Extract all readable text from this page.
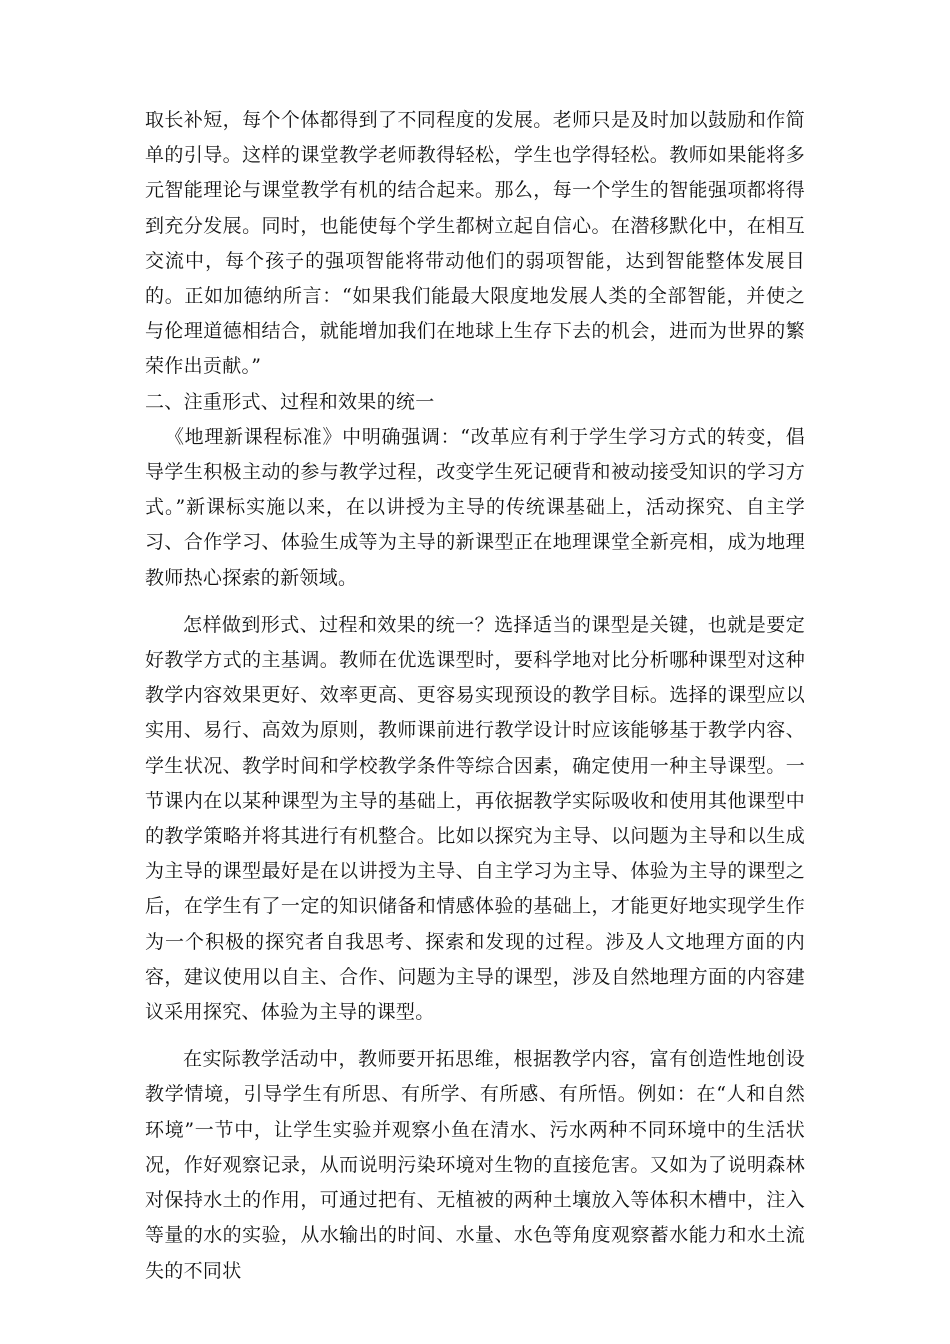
取长补短，每个个体都得到了不同程度的发展。老师只是及时加以鼓励和作简单的引导。这样的课堂教学老师教得轻松，学生也学得轻松。教师如果能将多元智能理论与课堂教学有机的结合起来。那么，每一个学生的智能强项都将得到充分发展。同时，也能使每个学生都树立起自信心。在潜移默化中，在相互交流中，每个孩子的强项智能将带动他们的弱项智能，达到智能整体发展目的。正如加德纳所言：“如果我们能最大限度地发展人类的全部智能，并使之与伦理道德相结合，就能增加我们在地球上生存下去的机会，进而为世界的繁荣作出贡献。”

二、注重形式、过程和效果的统一

《地理新课程标准》中明确强调：“改革应有利于学生学习方式的转变，倡导学生积极主动的参与教学过程，改变学生死记硬背和被动接受知识的学习方式。”新课标实施以来，在以讲授为主导的传统课基础上，活动探究、自主学习、合作学习、体验生成等为主导的新课型正在地理课堂全新亮相，成为地理教师热心探索的新领域。

怎样做到形式、过程和效果的统一？选择适当的课型是关键，也就是要定好教学方式的主基调。教师在优选课型时，要科学地对比分析哪种课型对这种教学内容效果更好、效率更高、更容易实现预设的教学目标。选择的课型应以实用、易行、高效为原则，教师课前进行教学设计时应该能够基于教学内容、学生状况、教学时间和学校教学条件等综合因素，确定使用一种主导课型。一节课内在以某种课型为主导的基础上，再依据教学实际吸收和使用其他课型中的教学策略并将其进行有机整合。比如以探究为主导、以问题为主导和以生成为主导的课型最好是在以讲授为主导、自主学习为主导、体验为主导的课型之后，在学生有了一定的知识储备和情感体验的基础上，才能更好地实现学生作为一个积极的探究者自我思考、探索和发现的过程。涉及人文地理方面的内容，建议使用以自主、合作、问题为主导的课型，涉及自然地理方面的内容建议采用探究、体验为主导的课型。

在实际教学活动中，教师要开拓思维，根据教学内容，富有创造性地创设教学情境，引导学生有所思、有所学、有所感、有所悟。例如：在“人和自然环境”一节中，让学生实验并观察小鱼在清水、污水两种不同环境中的生活状况，作好观察记录，从而说明污染环境对生物的直接危害。又如为了说明森林对保持水土的作用，可通过把有、无植被的两种土壤放入等体积木槽中，注入等量的水的实验，从水输出的时间、水量、水色等角度观察蓄水能力和水土流失的不同状
